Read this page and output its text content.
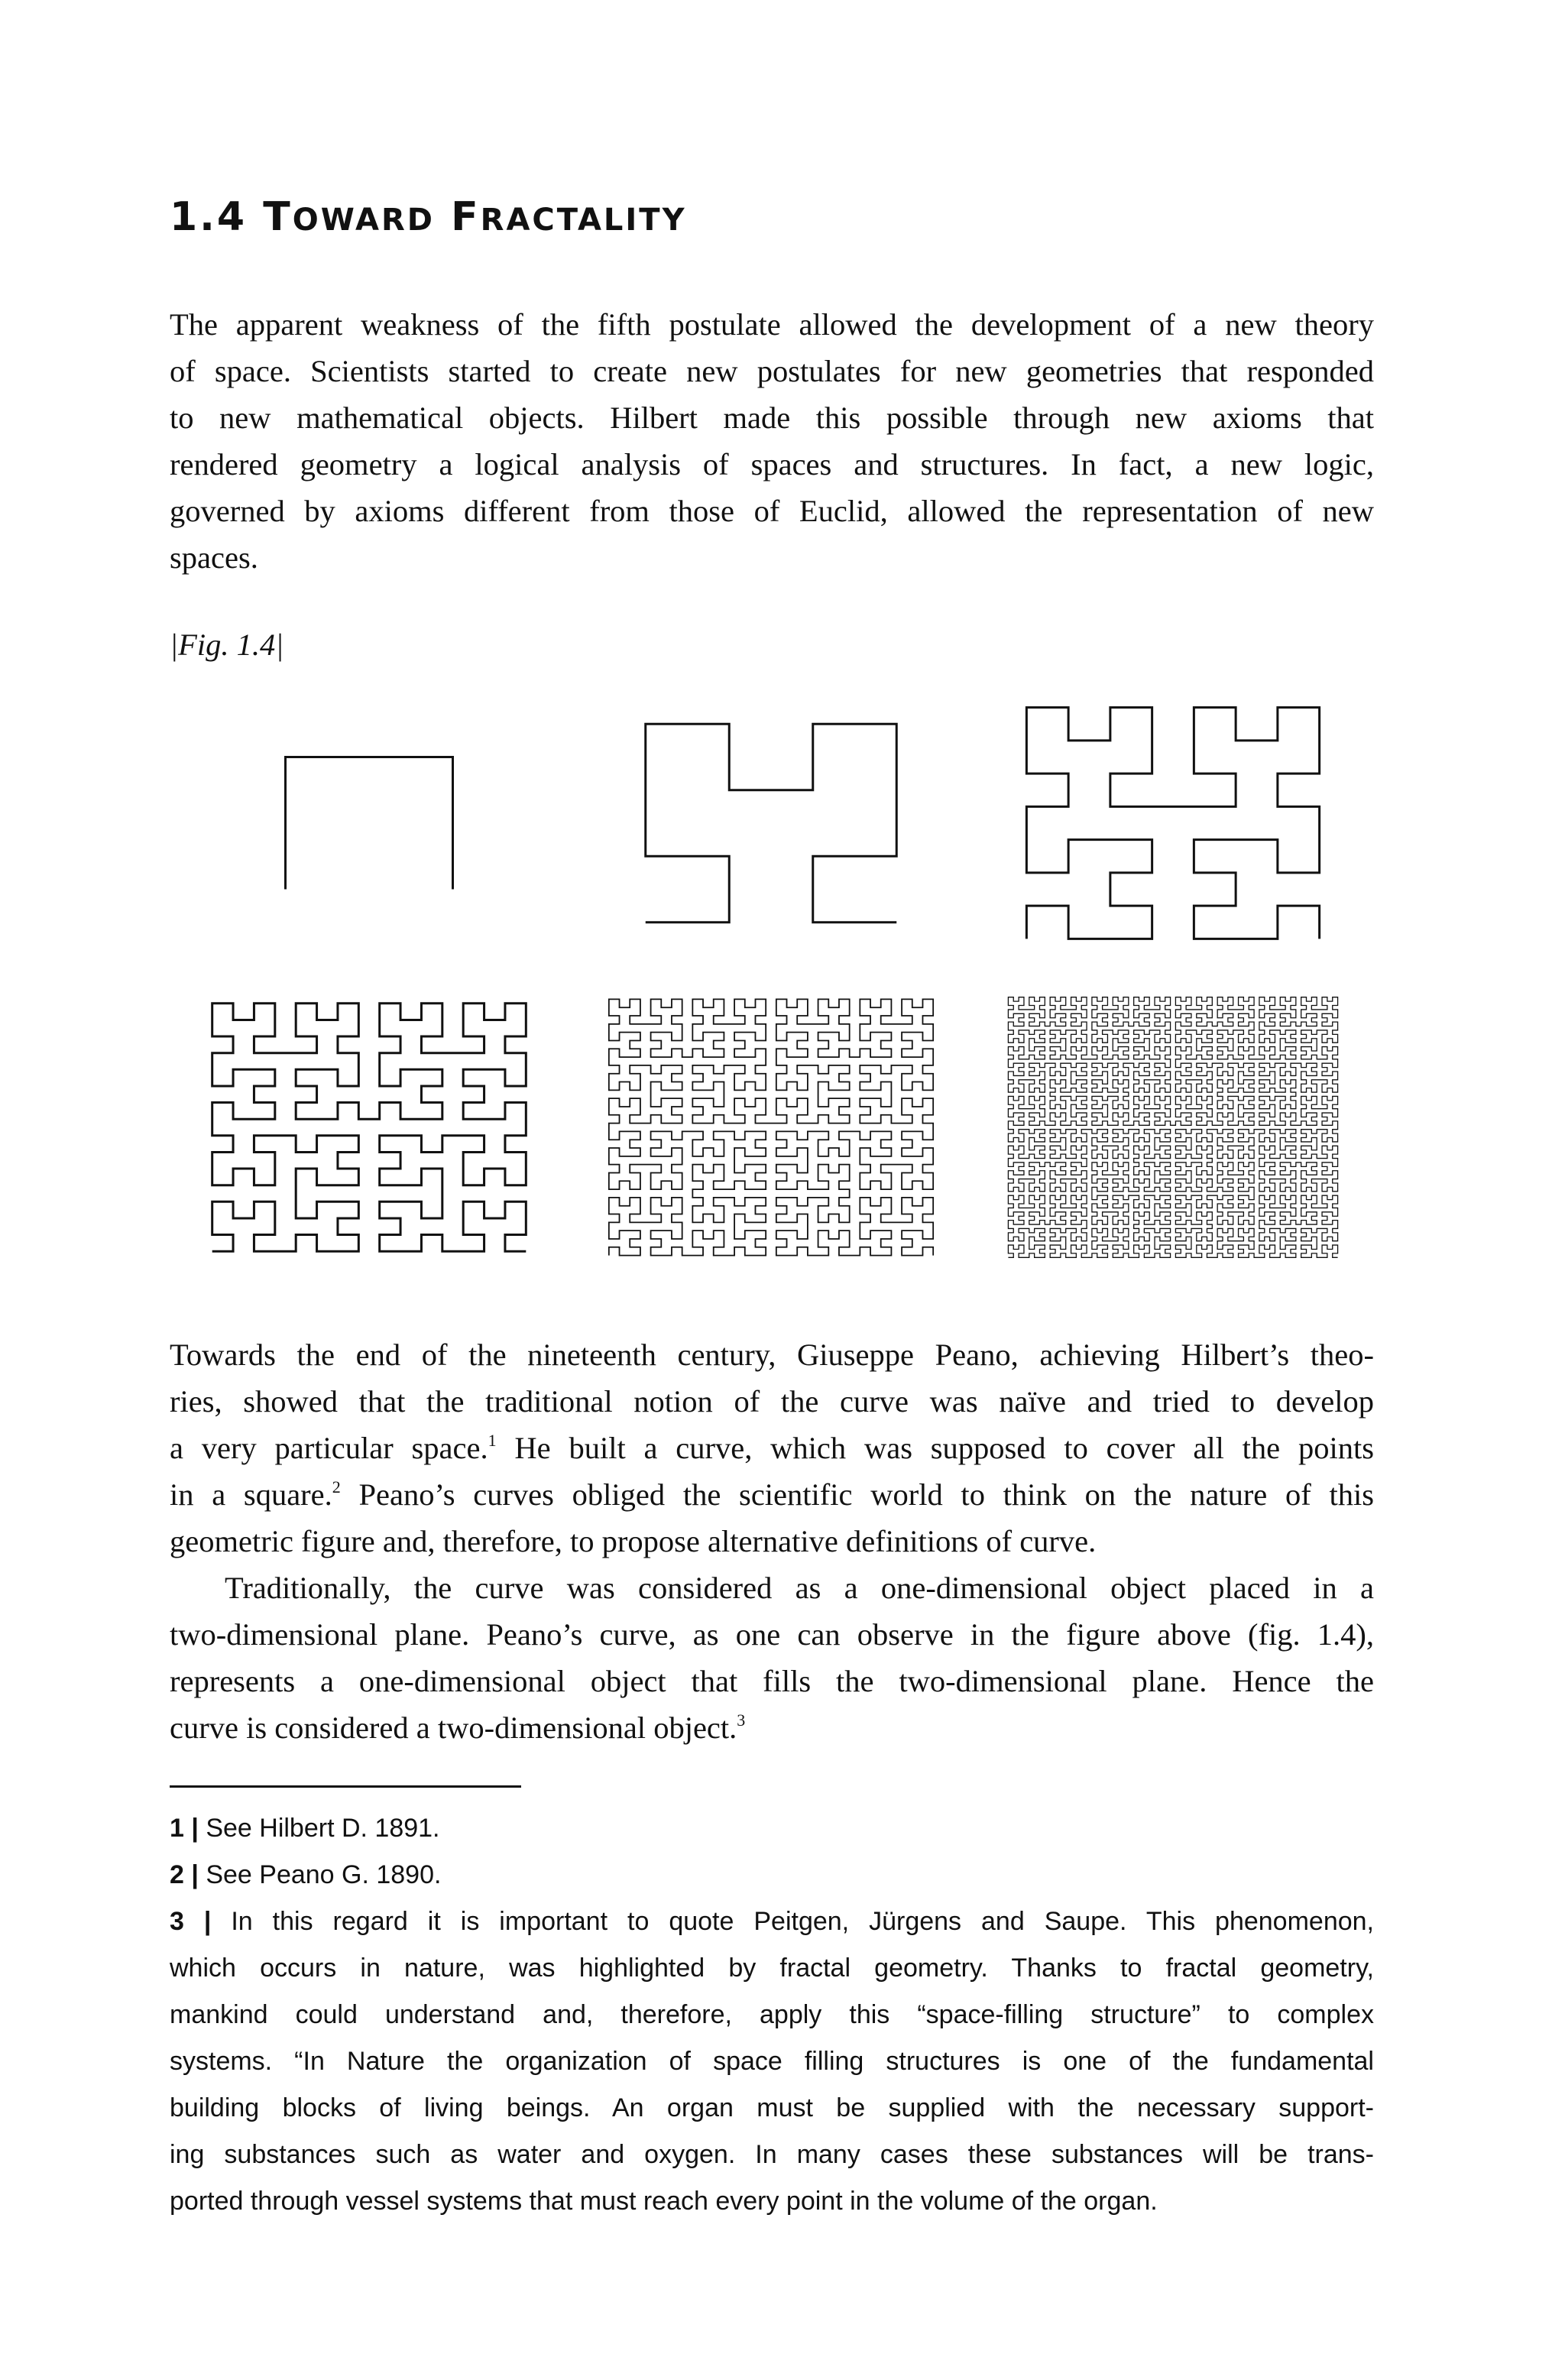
1.4 TOWARD FRACTALITY

The apparent weakness of the fifth postulate allowed the development of a new theory
of space. Scientists started to create new postulates for new geometries that responded
to new mathematical objects. Hilbert made this possible through new axioms that
rendered geometry a logical analysis of spaces and structures. In fact, a new logic,
governed by axioms different from those of Euclid, allowed the representation of new
spaces.

|Fig. 1.4|

Towards the end of the nineteenth century, Giuseppe Peano, achieving Hilbert’s theo-
ries, showed that the traditional notion of the curve was naïve and tried to develop
a very particular space.$^1$ He built a curve, which was supposed to cover all the points
in a square.$^2$ Peano’s curves obliged the scientific world to think on the nature of this
geometric figure and, therefore, to propose alternative definitions of curve.

Traditionally, the curve was considered as a one-dimensional object placed in a
two-dimensional plane. Peano’s curve, as one can observe in the figure above (fig. 1.4),
represents a one-dimensional object that fills the two-dimensional plane. Hence the
curve is considered a two-dimensional object.$^3$

1 | See Hilbert D. 1891.
2 | See Peano G. 1890.
3 | In this regard it is important to quote Peitgen, Jürgens and Saupe. This phenomenon,
which occurs in nature, was highlighted by fractal geometry. Thanks to fractal geometry,
mankind could understand and, therefore, apply this “space-filling structure” to complex
systems. “In Nature the organization of space filling structures is one of the fundamental
building blocks of living beings. An organ must be supplied with the necessary support-
ing substances such as water and oxygen. In many cases these substances will be trans-
ported through vessel systems that must reach every point in the volume of the organ.
